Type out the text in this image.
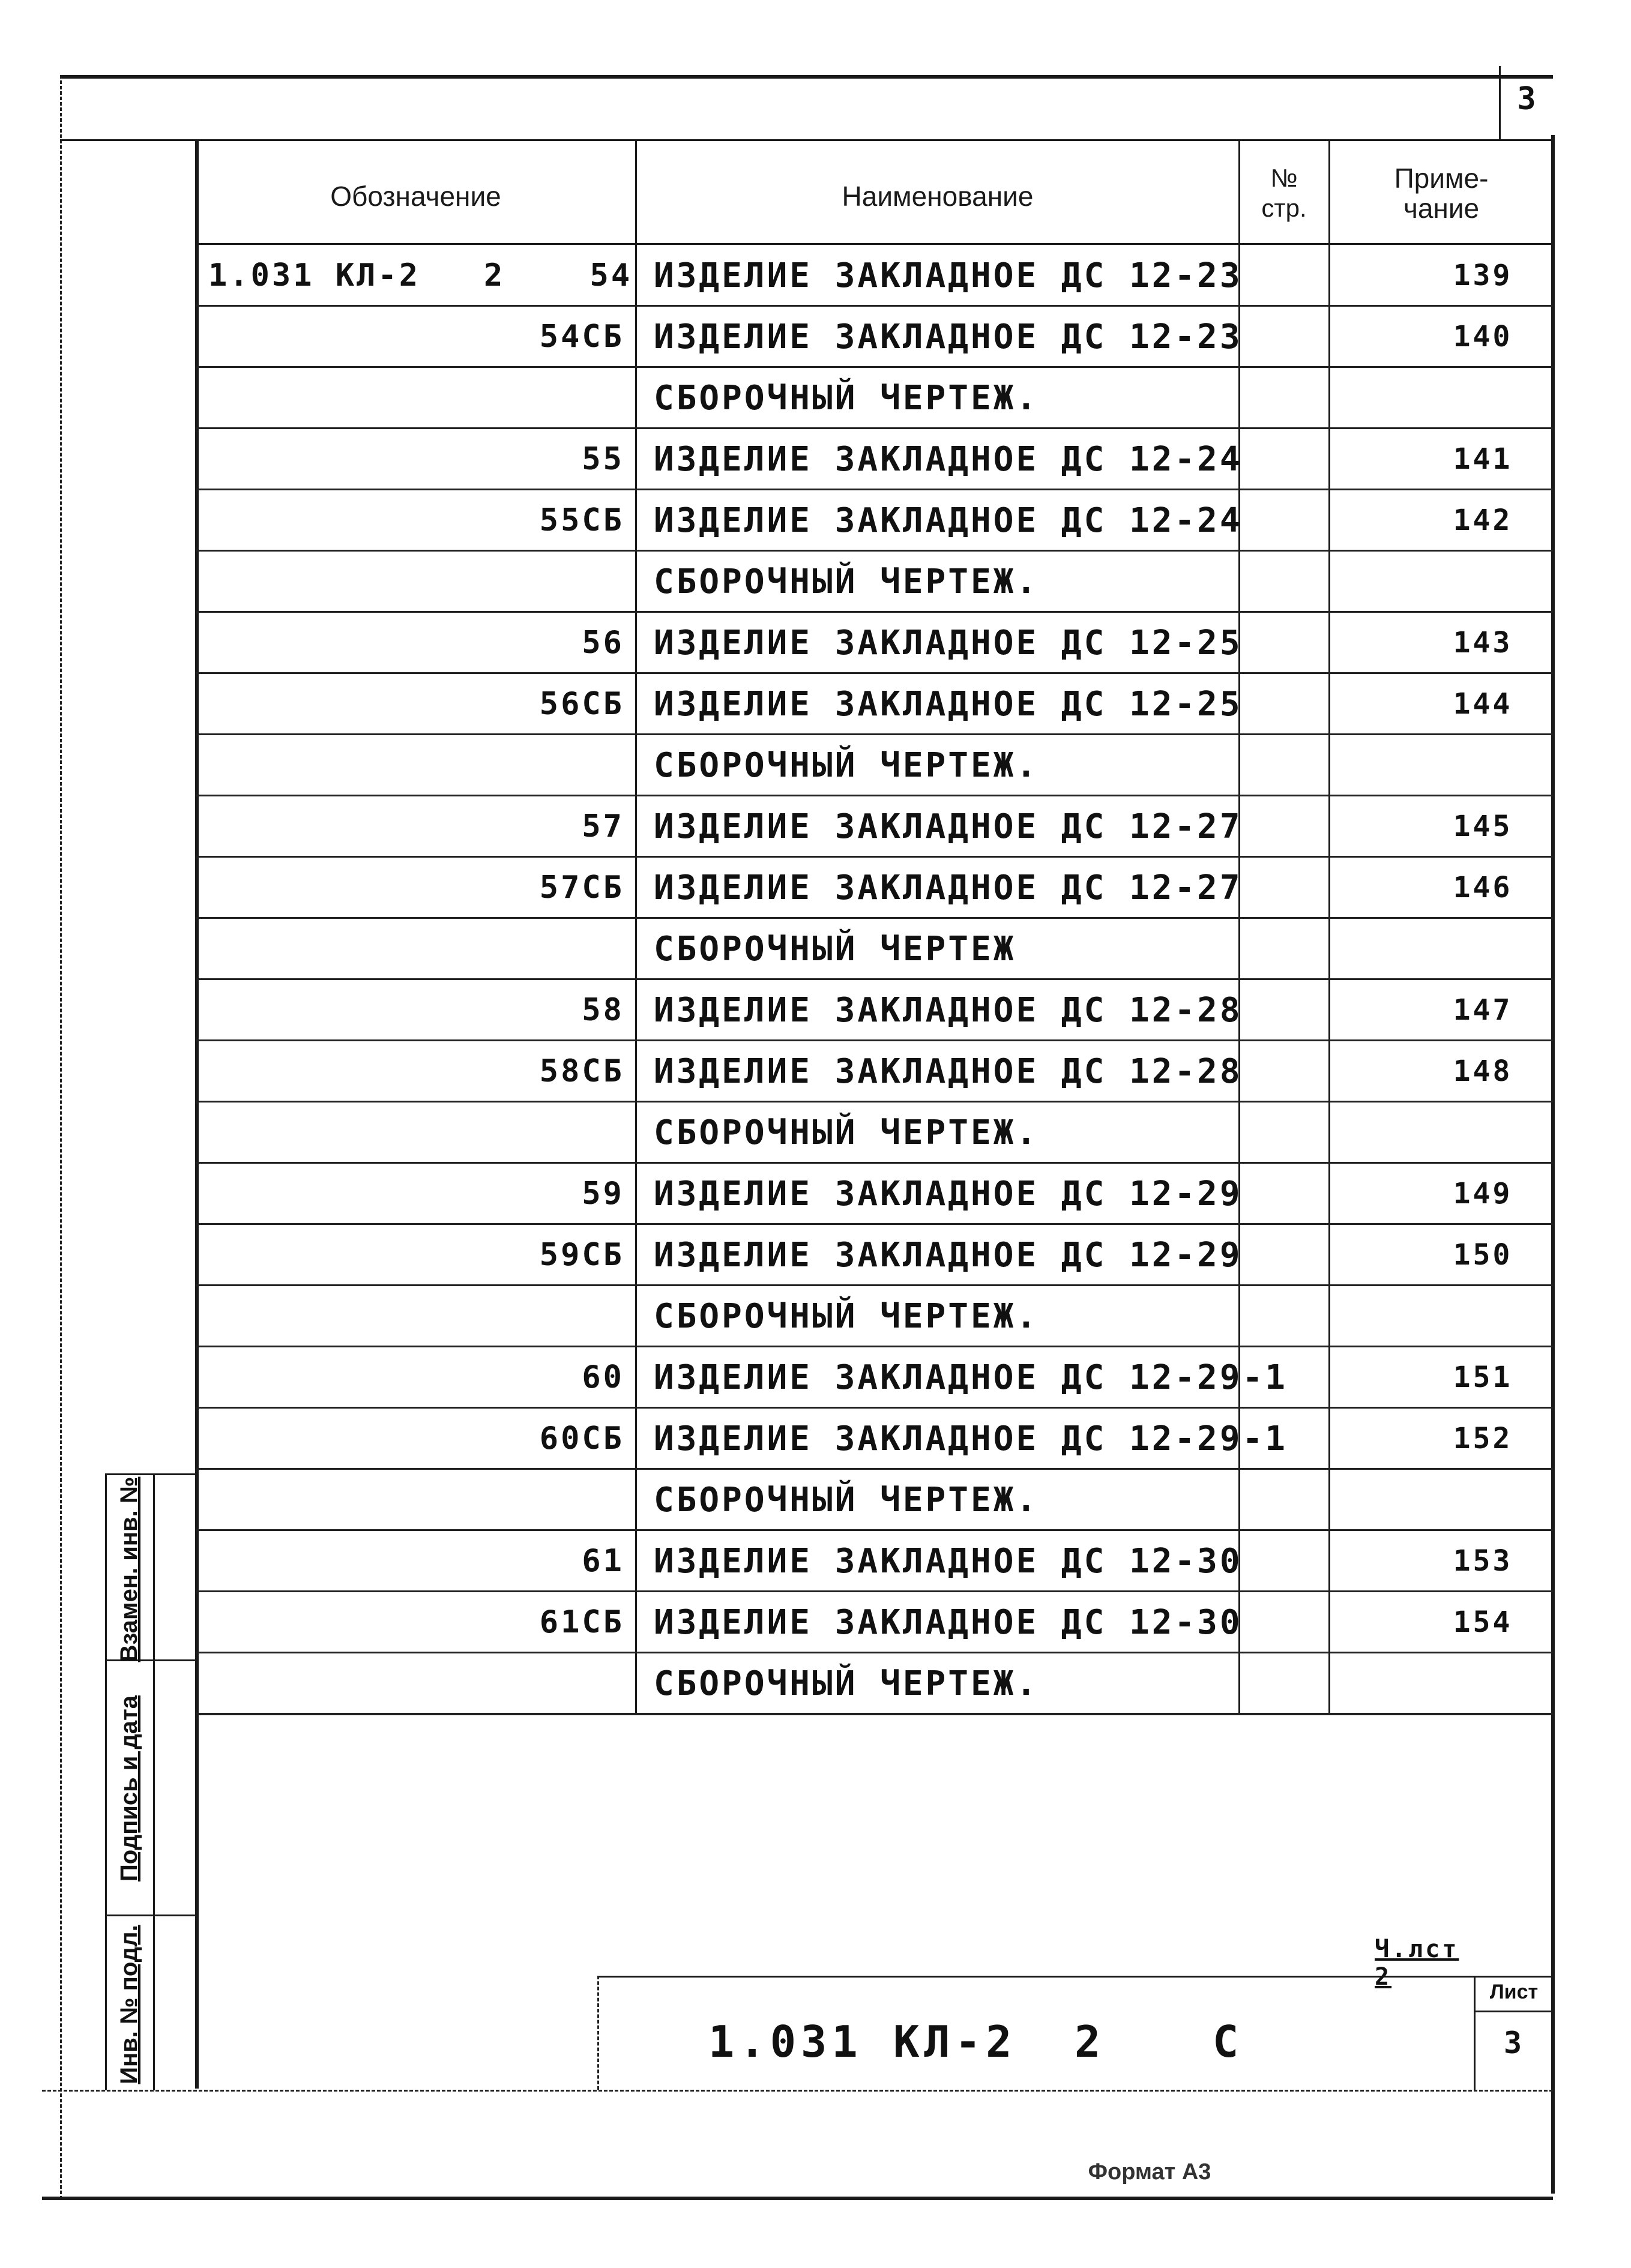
3
Обозначение	Наименование
№
стр.
Приме-
чание
1.031 КЛ-2   2    54 ИЗДЕЛИЕ ЗАКЛАДНОЕ ДС 12-23	139
54СБ ИЗДЕЛИЕ ЗАКЛАДНОЕ ДС 12-23	140
СБОРОЧНЫЙ ЧЕРТЕЖ.
55 ИЗДЕЛИЕ ЗАКЛАДНОЕ ДС 12-24	141
55СБ ИЗДЕЛИЕ ЗАКЛАДНОЕ ДС 12-24	142
СБОРОЧНЫЙ ЧЕРТЕЖ.
56 ИЗДЕЛИЕ ЗАКЛАДНОЕ ДС 12-25	143
56СБ ИЗДЕЛИЕ ЗАКЛАДНОЕ ДС 12-25	144
СБОРОЧНЫЙ ЧЕРТЕЖ.
57 ИЗДЕЛИЕ ЗАКЛАДНОЕ ДС 12-27	145
57СБ ИЗДЕЛИЕ ЗАКЛАДНОЕ ДС 12-27	146
СБОРОЧНЫЙ ЧЕРТЕЖ
58 ИЗДЕЛИЕ ЗАКЛАДНОЕ ДС 12-28	147
58СБ ИЗДЕЛИЕ ЗАКЛАДНОЕ ДС 12-28	148
СБОРОЧНЫЙ ЧЕРТЕЖ.
59 ИЗДЕЛИЕ ЗАКЛАДНОЕ ДС 12-29	149
59СБ ИЗДЕЛИЕ ЗАКЛАДНОЕ ДС 12-29	150
СБОРОЧНЫЙ ЧЕРТЕЖ.
60 ИЗДЕЛИЕ ЗАКЛАДНОЕ ДС 12-29-1	151
60СБ ИЗДЕЛИЕ ЗАКЛАДНОЕ ДС 12-29-1	152
СБОРОЧНЫЙ ЧЕРТЕЖ.
61 ИЗДЕЛИЕ ЗАКЛАДНОЕ ДС 12-30	153
61СБ ИЗДЕЛИЕ ЗАКЛАДНОЕ ДС 12-30	154
СБОРОЧНЫЙ ЧЕРТЕЖ.
Взамен. инв. №
Подпись и дата
Инв. № подл.	Ч.лст 2
Лист
3
1.031 КЛ-2 2	С
Формат А3
